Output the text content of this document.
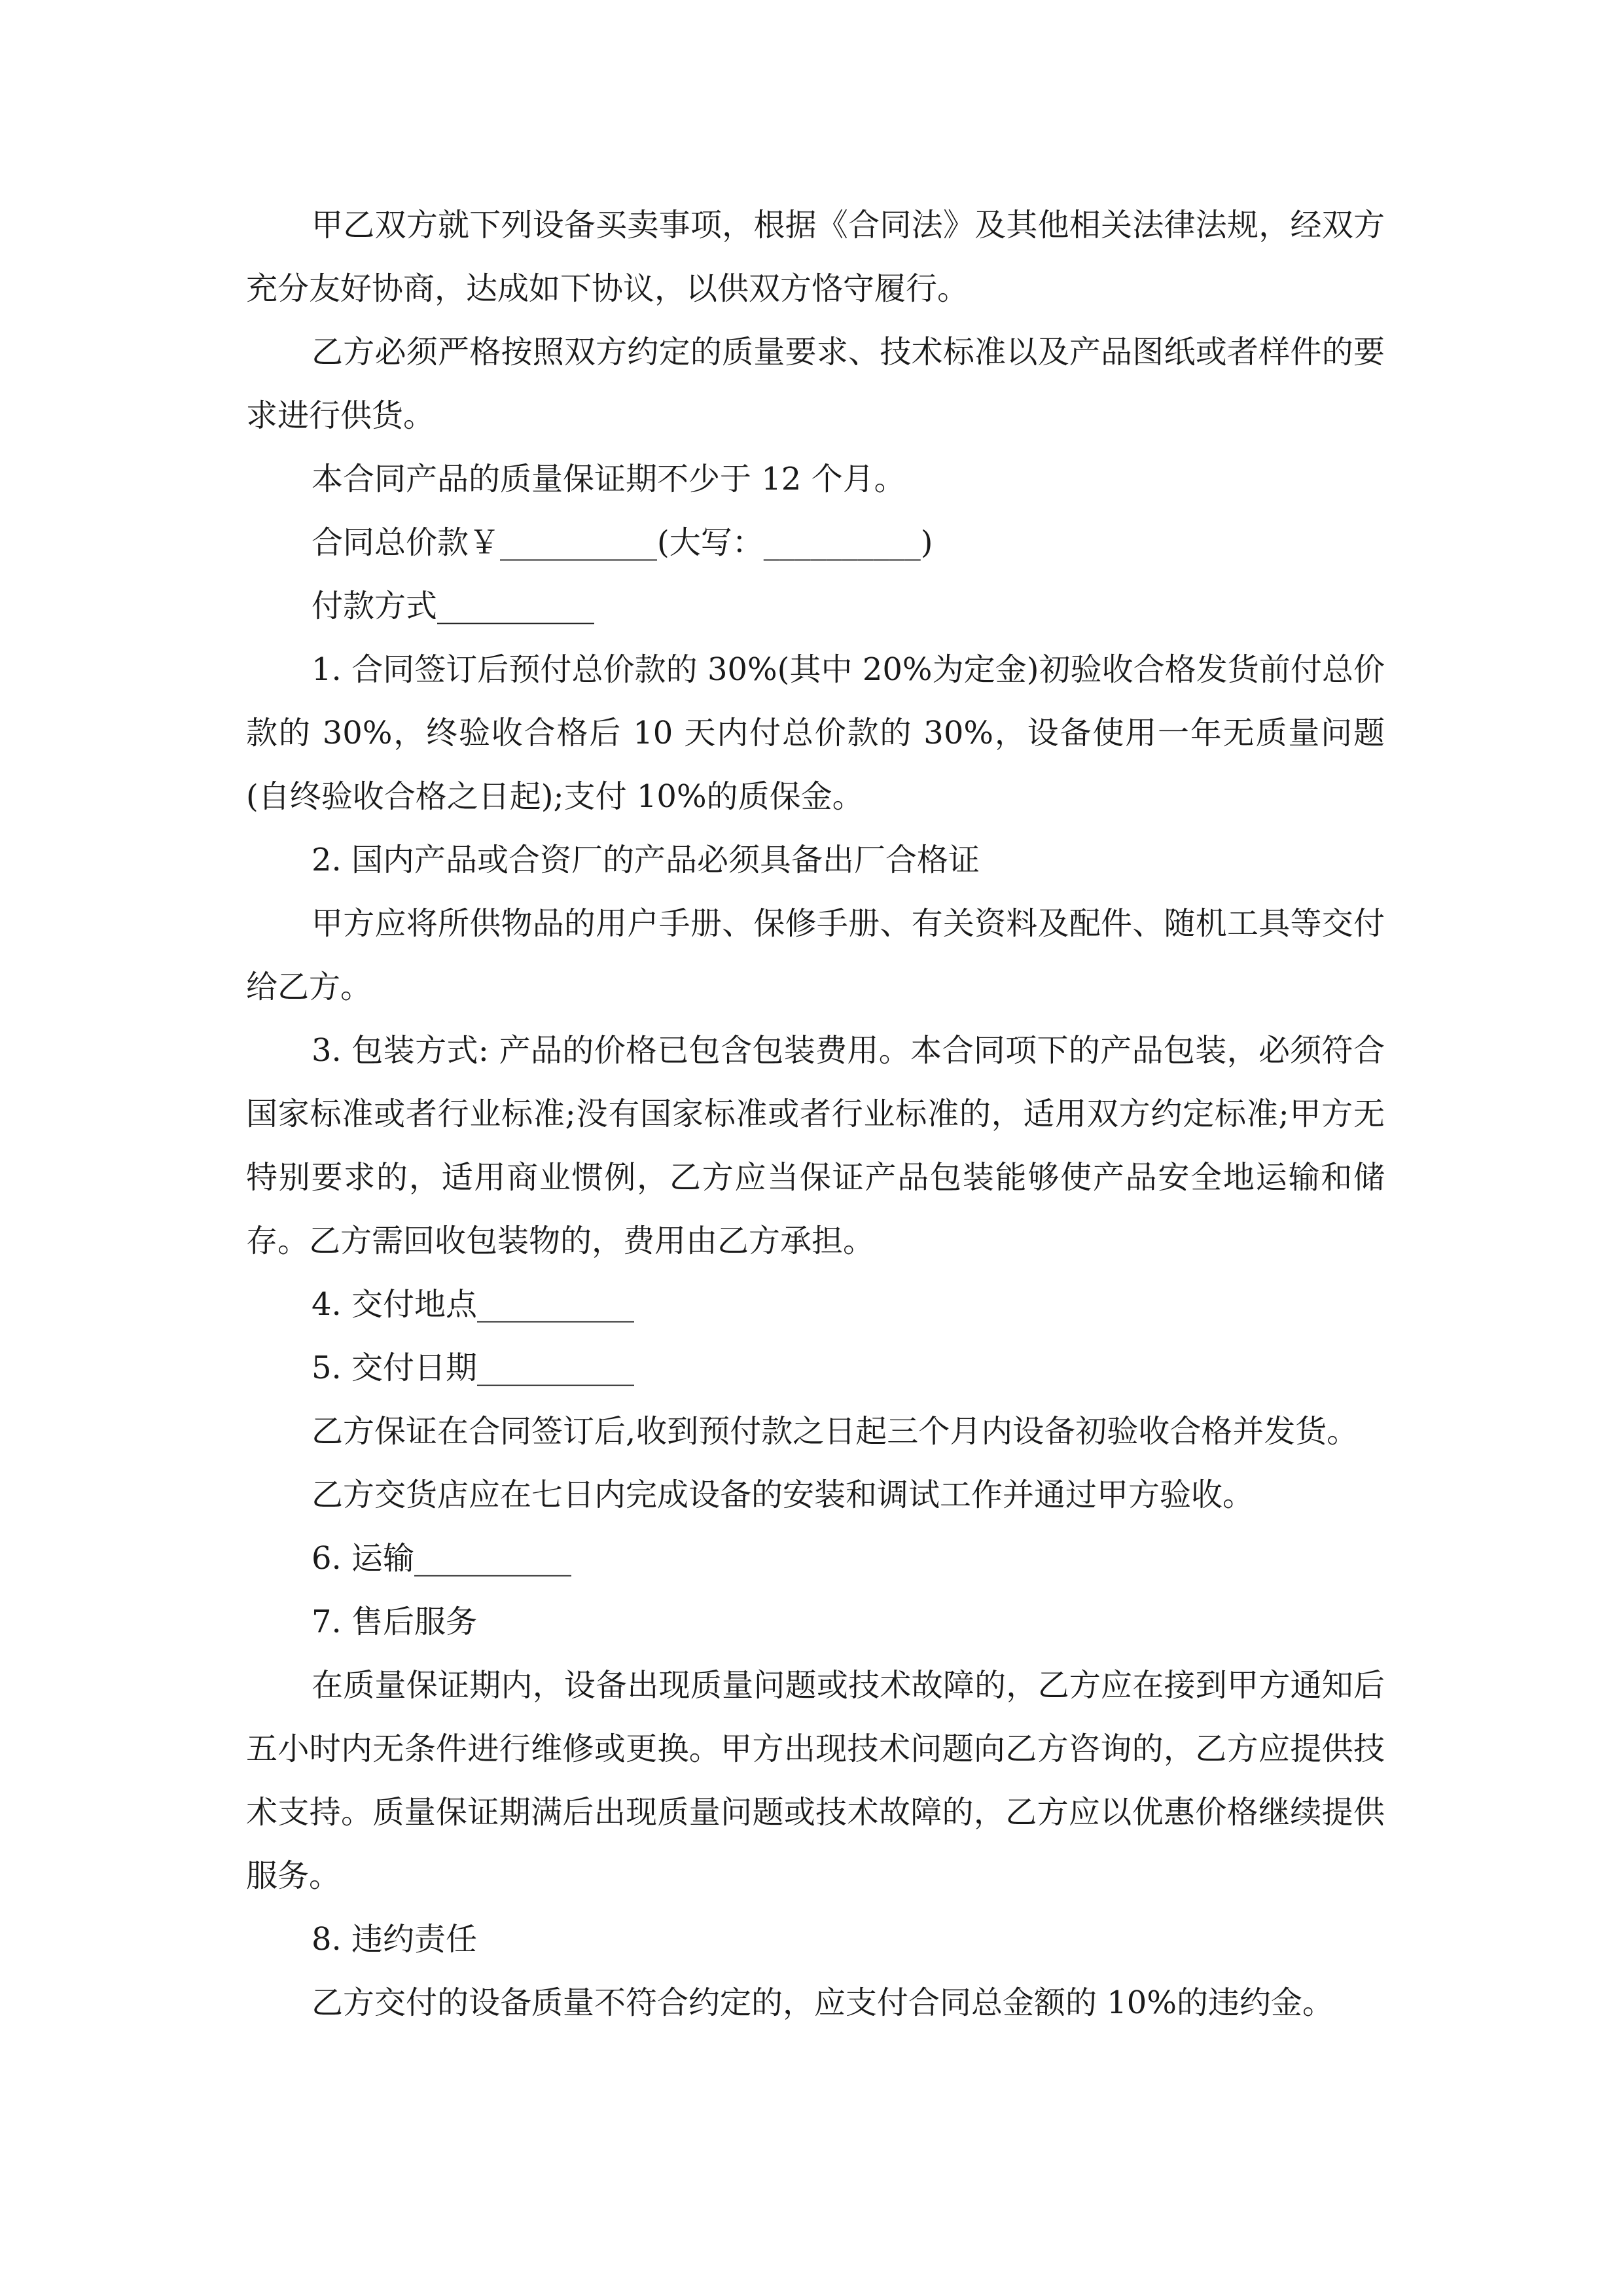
甲乙双方就下列设备买卖事项，根据《合同法》及其他相关法律法规，经双方充分友好协商，达成如下协议，以供双方恪守履行。

乙方必须严格按照双方约定的质量要求、技术标准以及产品图纸或者样件的要求进行供货。

本合同产品的质量保证期不少于 12 个月。

合同总价款￥__________(大写：__________)

付款方式__________

1. 合同签订后预付总价款的 30%(其中 20%为定金)初验收合格发货前付总价款的 30%，终验收合格后 10 天内付总价款的 30%，设备使用一年无质量问题(自终验收合格之日起);支付 10%的质保金。

2. 国内产品或合资厂的产品必须具备出厂合格证

甲方应将所供物品的用户手册、保修手册、有关资料及配件、随机工具等交付给乙方。

3. 包装方式: 产品的价格已包含包装费用。本合同项下的产品包装，必须符合国家标准或者行业标准;没有国家标准或者行业标准的，适用双方约定标准;甲方无特别要求的，适用商业惯例，乙方应当保证产品包装能够使产品安全地运输和储存。乙方需回收包装物的，费用由乙方承担。

4. 交付地点__________

5. 交付日期__________

乙方保证在合同签订后,收到预付款之日起三个月内设备初验收合格并发货。

乙方交货店应在七日内完成设备的安装和调试工作并通过甲方验收。

6. 运输__________

7. 售后服务

在质量保证期内，设备出现质量问题或技术故障的，乙方应在接到甲方通知后五小时内无条件进行维修或更换。甲方出现技术问题向乙方咨询的，乙方应提供技术支持。质量保证期满后出现质量问题或技术故障的，乙方应以优惠价格继续提供服务。

8. 违约责任

乙方交付的设备质量不符合约定的，应支付合同总金额的 10%的违约金。
